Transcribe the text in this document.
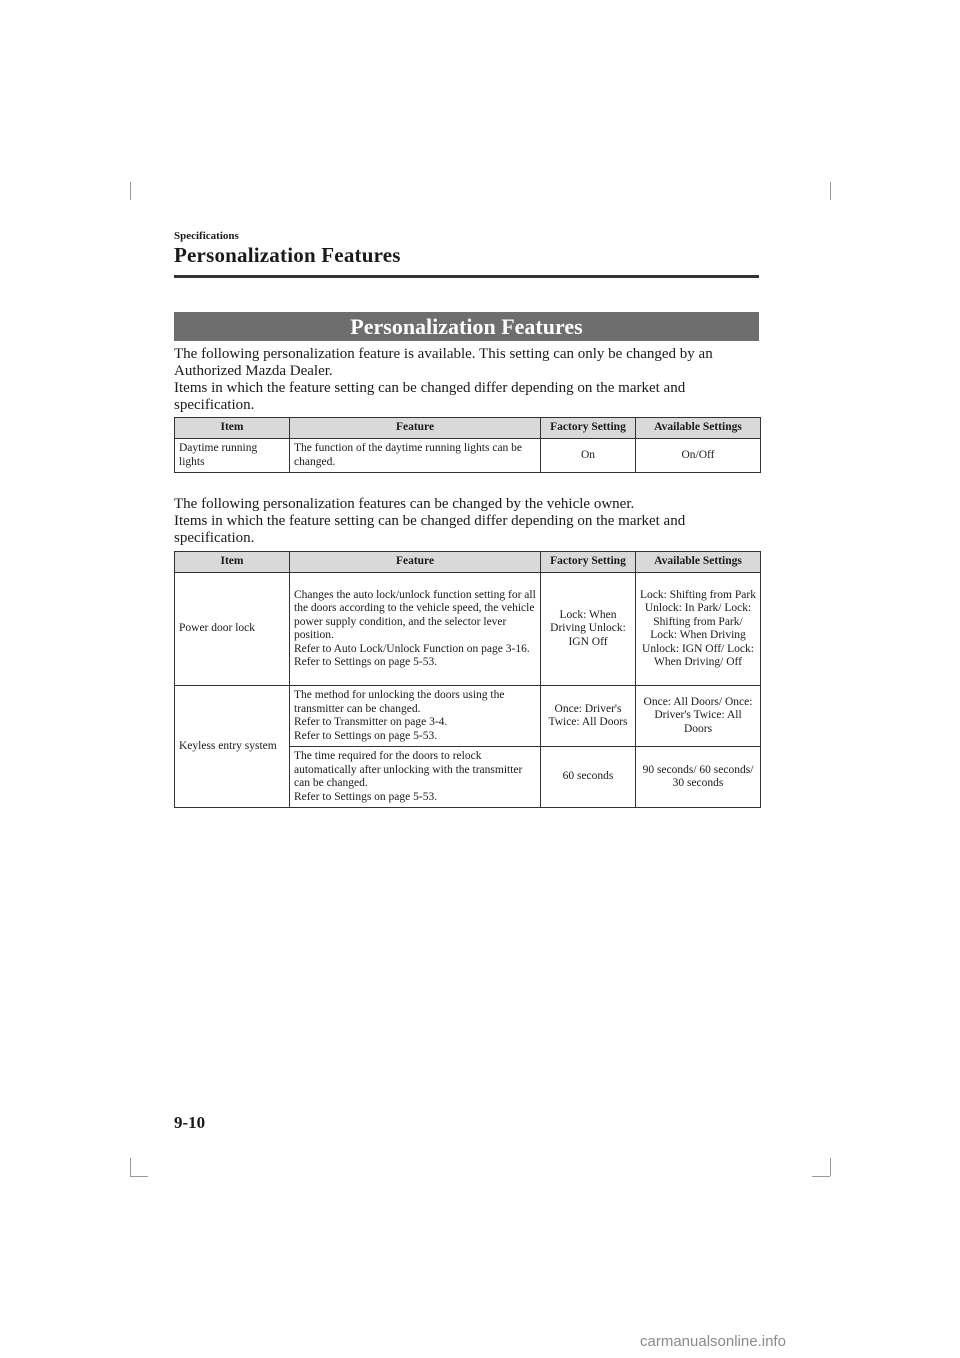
Specifications
Personalization Features
Personalization Features

The following personalization feature is available. This setting can only be changed by an Authorized Mazda Dealer.

Items in which the feature setting can be changed differ depending on the market and specification.

Item	Feature	Factory Setting	Available Settings
Daytime running lights	The function of the daytime running lights can be changed.	On	On/Off

The following personalization features can be changed by the vehicle owner.

Items in which the feature setting can be changed differ depending on the market and specification.

Item	Feature	Factory Setting	Available Settings
Power door lock	Changes the auto lock/unlock function setting for all the doors according to the vehicle speed, the vehicle power supply condition, and the selector lever position.
Refer to Auto Lock/Unlock Function on page 3-16.
Refer to Settings on page 5-53.	Lock: When Driving Unlock: IGN Off	Lock: Shifting from Park Unlock: In Park/ Lock: Shifting from Park/ Lock: When Driving Unlock: IGN Off/ Lock: When Driving/ Off
Keyless entry system	The method for unlocking the doors using the transmitter can be changed.
Refer to Transmitter on page 3-4.
Refer to Settings on page 5-53.	Once: Driver's Twice: All Doors	Once: All Doors/ Once: Driver's Twice: All Doors

	The time required for the doors to relock automatically after unlocking with the transmitter can be changed.
Refer to Settings on page 5-53.	60 seconds	90 seconds/ 60 seconds/ 30 seconds
9-10
carmanualsonline.info
